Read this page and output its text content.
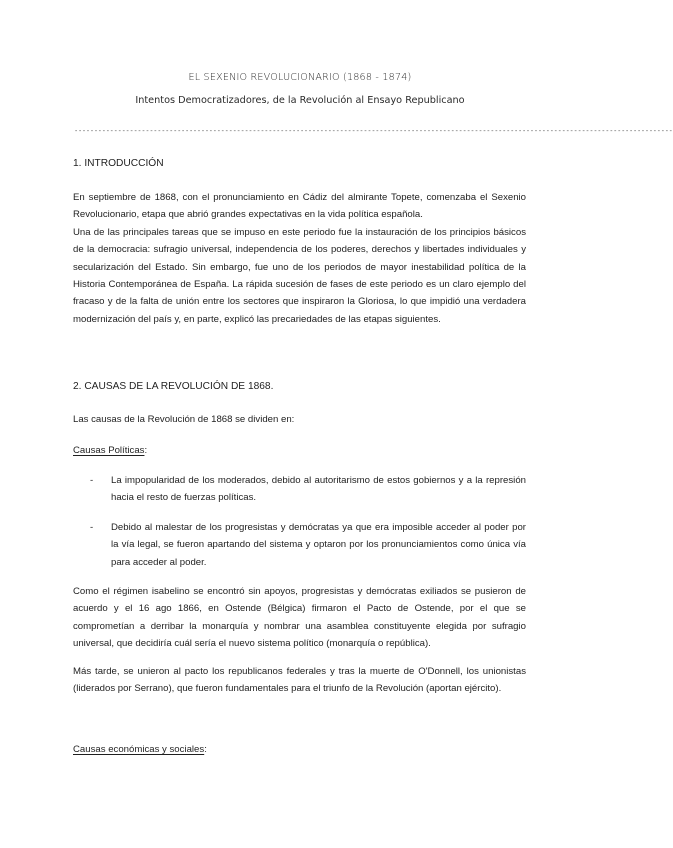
EL SEXENIO REVOLUCIONARIO (1868 - 1874)
Intentos Democratizadores, de la Revolución al Ensayo Republicano
-------------------------------------------------------------------------------------------------------------------------------------------------------
1. INTRODUCCIÓN

En septiembre de 1868, con el pronunciamiento en Cádiz del almirante Topete, comenzaba el Sexenio Revolucionario, etapa que abrió grandes expectativas en la vida política española.

Una de las principales tareas que se impuso en este periodo fue la instauración de los principios básicos de la democracia: sufragio universal, independencia de los poderes, derechos y libertades individuales y secularización del Estado. Sin embargo, fue uno de los periodos de mayor inestabilidad política de la Historia Contemporánea de España. La rápida sucesión de fases de este periodo es un claro ejemplo del fracaso y de la falta de unión entre los sectores que inspiraron la Gloriosa, lo que impidió una verdadera modernización del país y, en parte, explicó las precariedades de las etapas siguientes.

2. CAUSAS DE LA REVOLUCIÓN DE 1868.

Las causas de la Revolución de 1868 se dividen en:

Causas Políticas:

- La impopularidad de los moderados, debido al autoritarismo de estos gobiernos y a la represión hacia el resto de fuerzas políticas.
- Debido al malestar de los progresistas y demócratas ya que era imposible acceder al poder por la vía legal, se fueron apartando del sistema y optaron por los pronunciamientos como única vía para acceder al poder.

Como el régimen isabelino se encontró sin apoyos, progresistas y demócratas exiliados se pusieron de acuerdo y el 16 ago 1866, en Ostende (Bélgica) firmaron el Pacto de Ostende, por el que se comprometían a derribar la monarquía y nombrar una asamblea constituyente elegida por sufragio universal, que decidiría cuál sería el nuevo sistema político (monarquía o república).

Más tarde, se unieron al pacto los republicanos federales y tras la muerte de O'Donnell, los unionistas (liderados por Serrano), que fueron fundamentales para el triunfo de la Revolución (aportan ejército).

Causas económicas y sociales:
